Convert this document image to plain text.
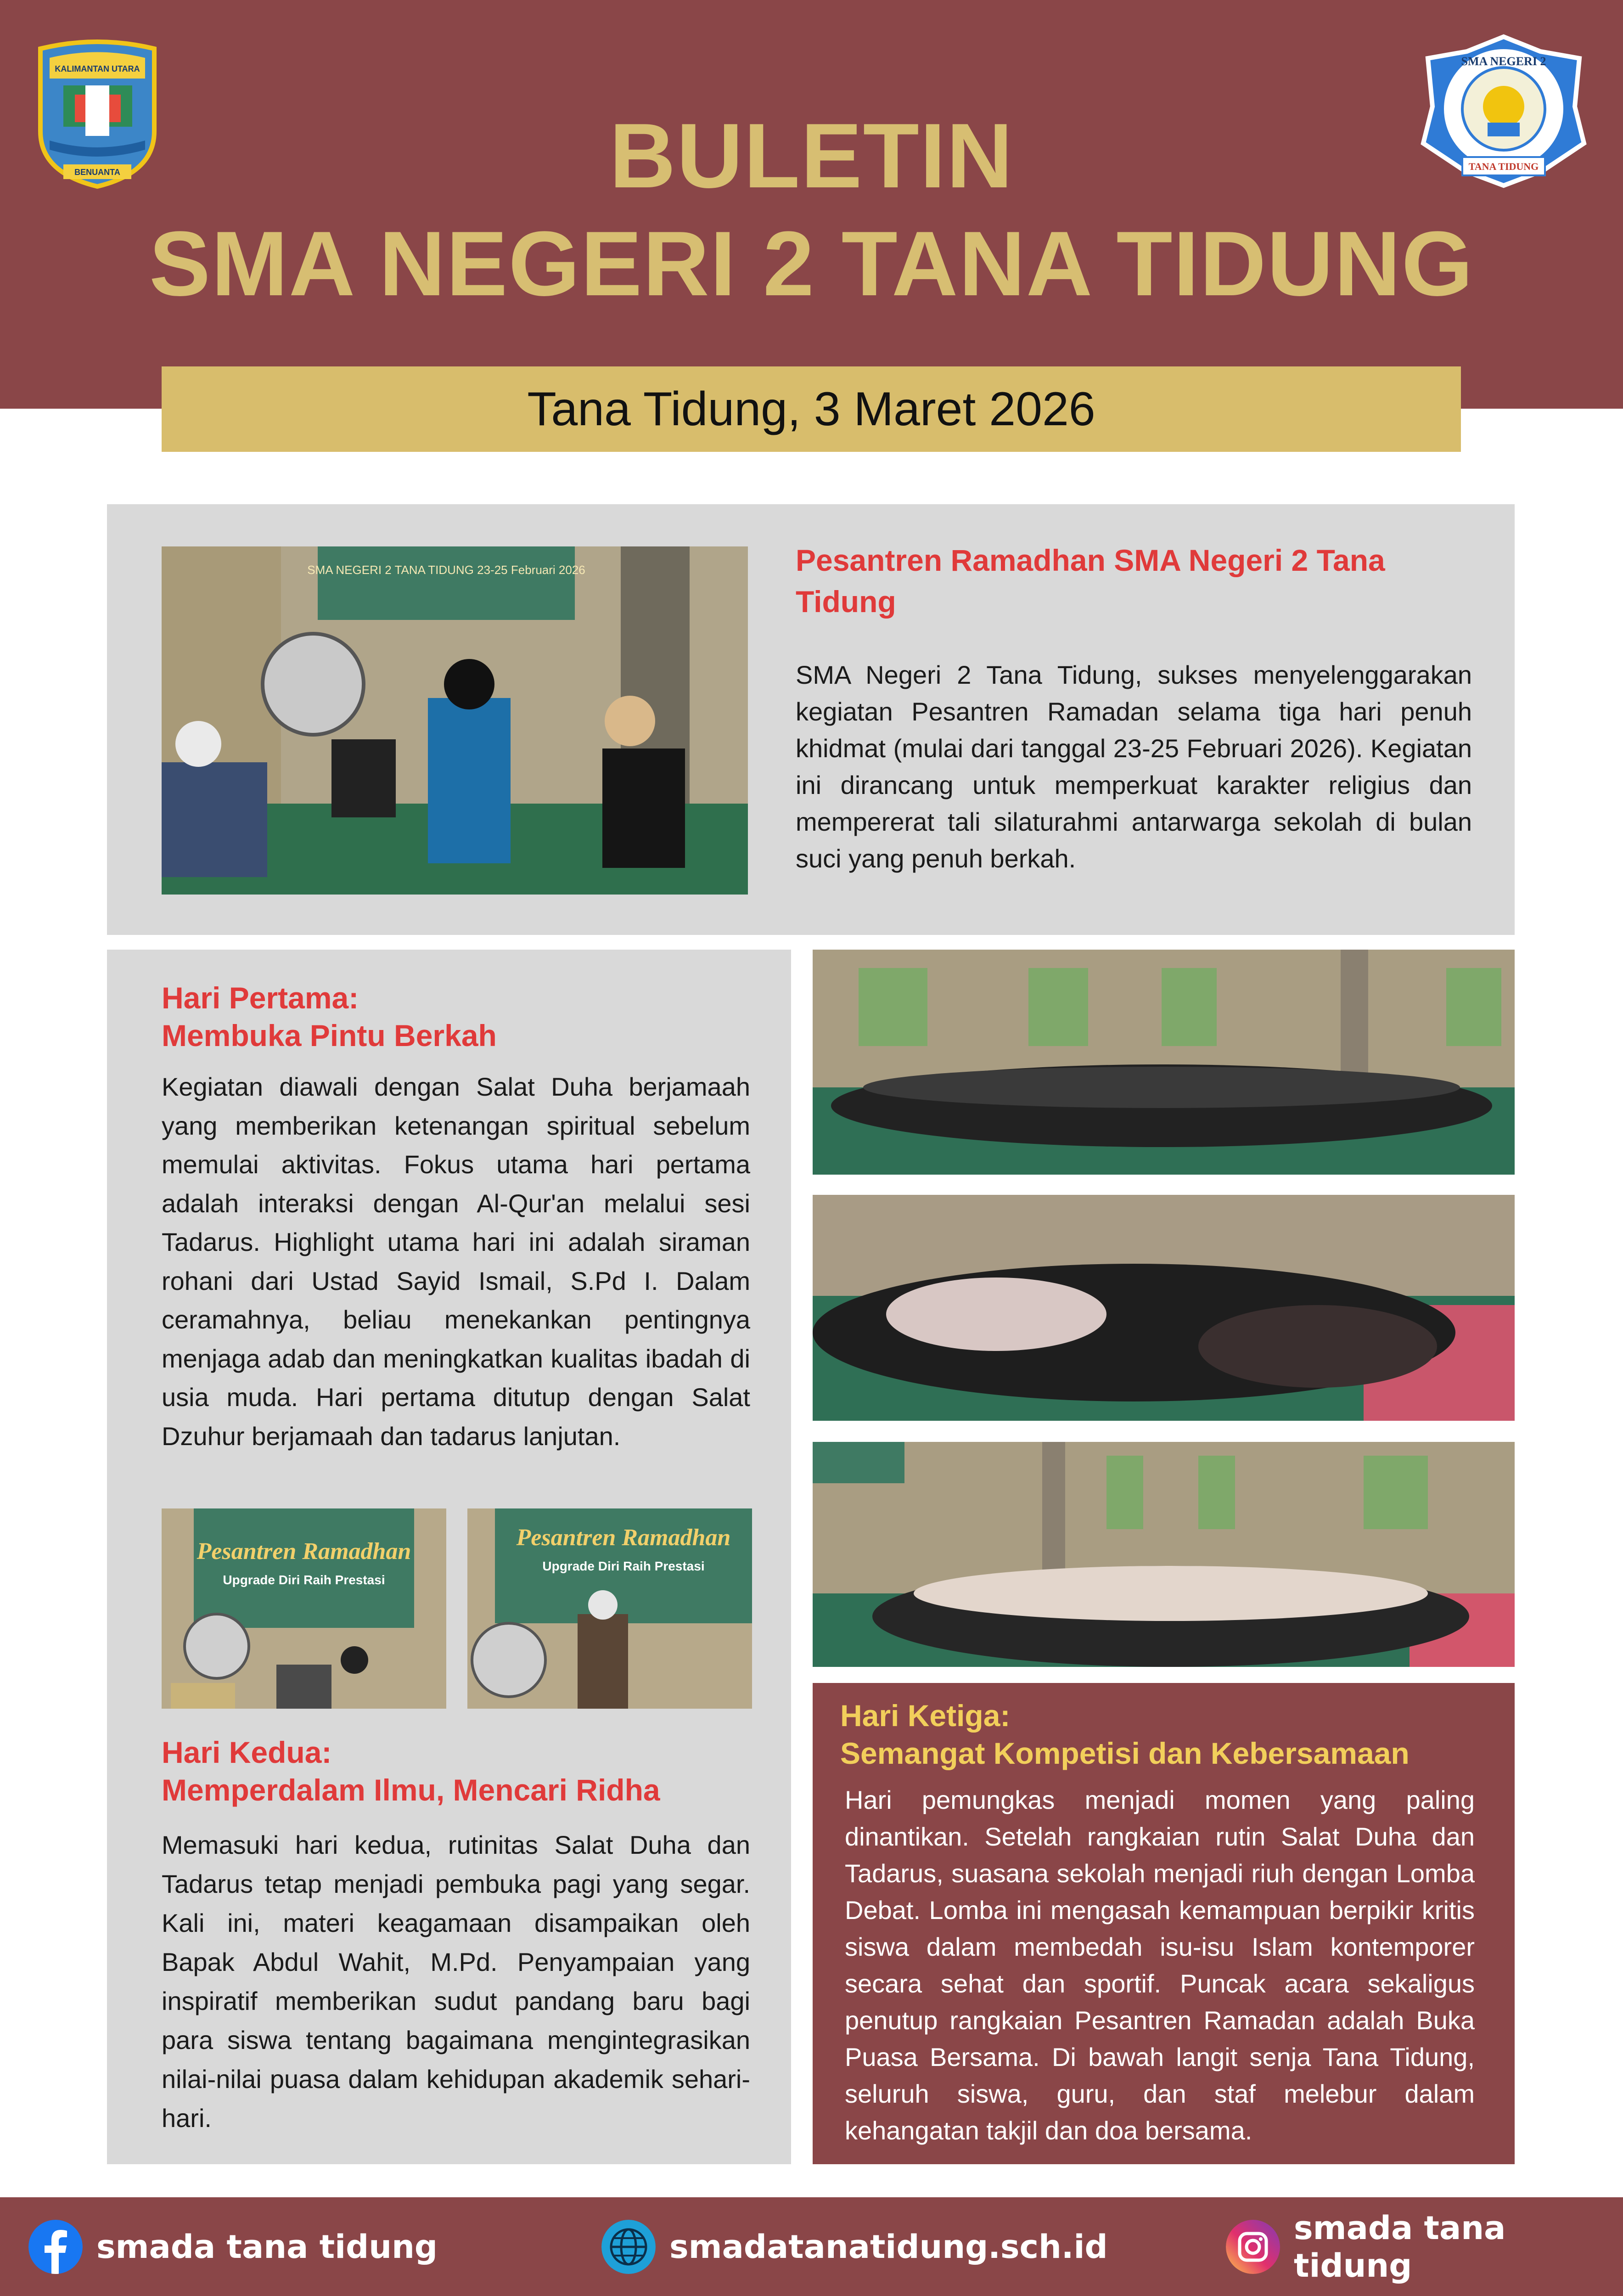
KALIMANTAN UTARA
BENUANTA
SMA NEGERI 2
TANA TIDUNG
BULETIN
SMA NEGERI 2 TANA TIDUNG
Tana Tidung, 3 Maret 2026
SMA NEGERI 2 TANA TIDUNG 23-25 Februari 2026	Pesantren Ramadhan SMA Negeri 2 Tana Tidung
SMA Negeri 2 Tana Tidung, sukses menyelenggarakan kegiatan Pesantren Ramadan selama tiga hari penuh khidmat (mulai dari tanggal 23-25 Februari 2026). Kegiatan ini dirancang untuk memperkuat karakter religius dan mempererat tali silaturahmi antarwarga sekolah di bulan suci yang penuh berkah.
Hari Pertama:
Membuka Pintu Berkah
Kegiatan diawali dengan Salat Duha berjamaah yang memberikan ketenangan spiritual sebelum memulai aktivitas. Fokus utama hari pertama adalah interaksi dengan Al-Qur'an melalui sesi Tadarus. Highlight utama hari ini adalah siraman rohani dari Ustad Sayid Ismail, S.Pd I. Dalam ceramahnya, beliau menekankan pentingnya menjaga adab dan meningkatkan kualitas ibadah di usia muda. Hari pertama ditutup dengan Salat Dzuhur berjamaah dan tadarus lanjutan.
Pesantren Ramadhan
Upgrade Diri Raih Prestasi
Pesantren Ramadhan
Upgrade Diri Raih Prestasi
Hari Kedua:
Memperdalam Ilmu, Mencari Ridha
Memasuki hari kedua, rutinitas Salat Duha dan Tadarus tetap menjadi pembuka pagi yang segar. Kali ini, materi keagamaan disampaikan oleh Bapak Abdul Wahit, M.Pd. Penyampaian yang inspiratif memberikan sudut pandang baru bagi para siswa tentang bagaimana mengintegrasikan nilai-nilai puasa dalam kehidupan akademik sehari-hari.
Hari Ketiga:
Semangat Kompetisi dan Kebersamaan
Hari pemungkas menjadi momen yang paling dinantikan. Setelah rangkaian rutin Salat Duha dan Tadarus, suasana sekolah menjadi riuh dengan Lomba Debat. Lomba ini mengasah kemampuan berpikir kritis siswa dalam membedah isu-isu Islam kontemporer secara sehat dan sportif. Puncak acara sekaligus penutup rangkaian Pesantren Ramadan adalah Buka Puasa Bersama. Di bawah langit senja Tana Tidung, seluruh siswa, guru, dan staf melebur dalam kehangatan takjil dan doa bersama.
smada tana tidung	smadatanatidung.sch.id	smada tana tidung
